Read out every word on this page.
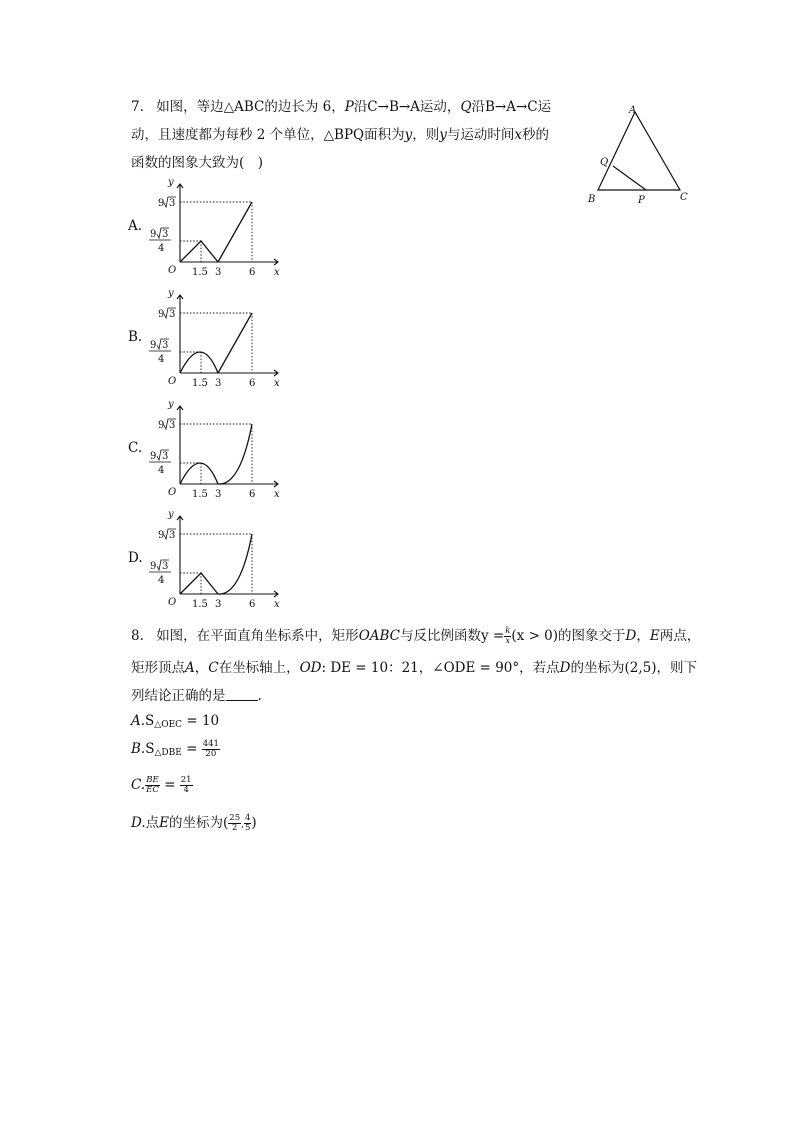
7. 如图，等边△ABC的边长为 6，P沿C→B→A运动，Q沿B→A→C运
动，且速度都为每秒 2 个单位，△BPQ面积为y，则y与运动时间x秒的
函数的图象大致为(　)
A
B	C
Q
P
A.
y
x
O 1.5 3	6
9 3
9 3
4
B.
y
x
O 1.5 3	6
9 3
9 3
4
C.
y
x
O 1.5 3	6
9 3
9 3
4
D.
y
x
O 1.5 3	6
9 3
9 3
4
8. 如图，在平面直角坐标系中，矩形OABC与反比例函数$y = \frac{k}{x} (x > 0)$的图象交于D，E两点，
矩形顶点A，C在坐标轴上，OD: DE = 10：21，∠ODE = 90°，若点D的坐标为(2,5)，则下
列结论正确的是 .
$A.S_{\triangle OEC} = 10$
$B.S_{\triangle DBE} = \frac{441}{20}$
C. $\frac{BE}{EC} = \frac{21}{4}$
D.点E的坐标为( $\frac{25}{2}$ , $\frac{4}{5}$ )
